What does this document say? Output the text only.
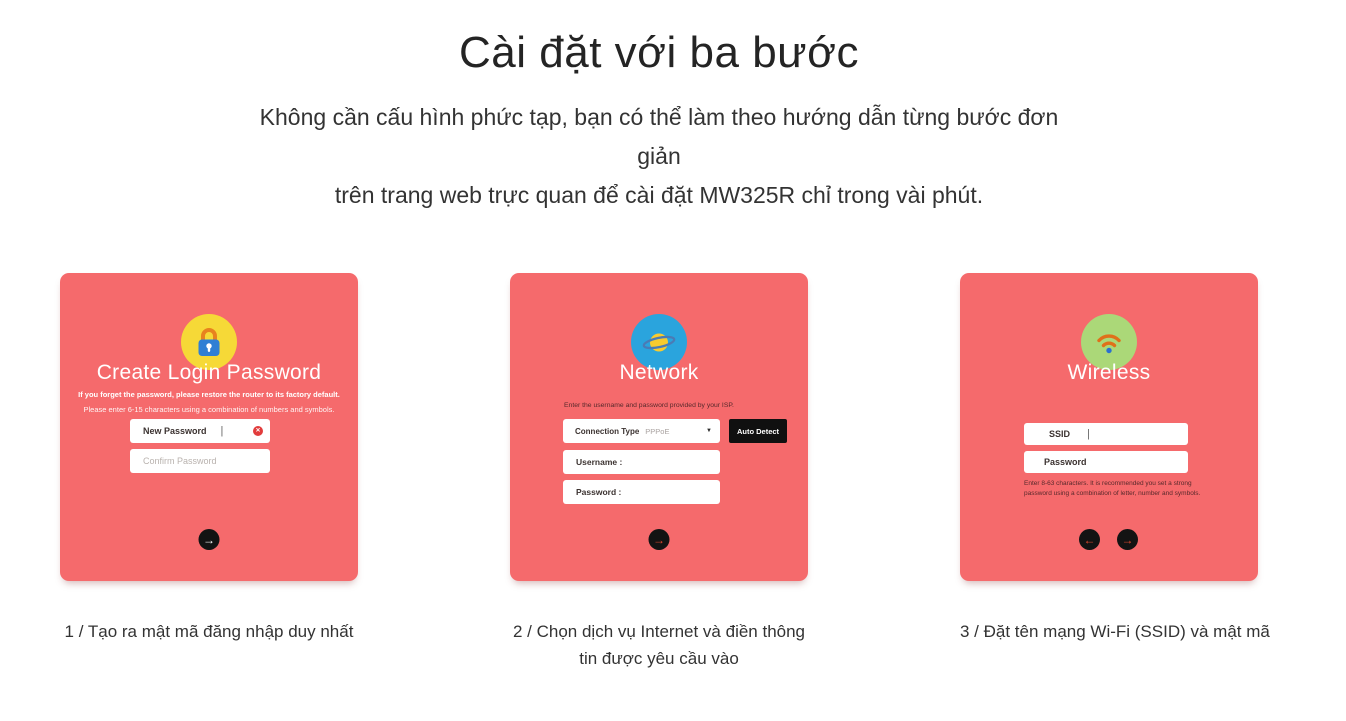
Cài đặt với ba bước
Không cần cấu hình phức tạp, bạn có thể làm theo hướng dẫn từng bước đơn
giản
trên trang web trực quan để cài đặt MW325R chỉ trong vài phút.
Create Login Password
If you forget the password, please restore the router to its factory default.
Please enter 6-15 characters using a combination of numbers and symbols.
New Password |	✕
Confirm Password
→
Network
Enter the username and password provided by your ISP.
Connection Type PPPoE	▼	Auto Detect
Username :
Password :
→
Wireless
SSID |
Password
Enter 8-63 characters. It is recommended you set a strong password using a combination of letter, number and symbols.
← →
1 / Tạo ra mật mã đăng nhập duy nhất	2 / Chọn dịch vụ Internet và điền thông tin được yêu cầu vào
3 / Đặt tên mạng Wi-Fi (SSID) và mật mã
